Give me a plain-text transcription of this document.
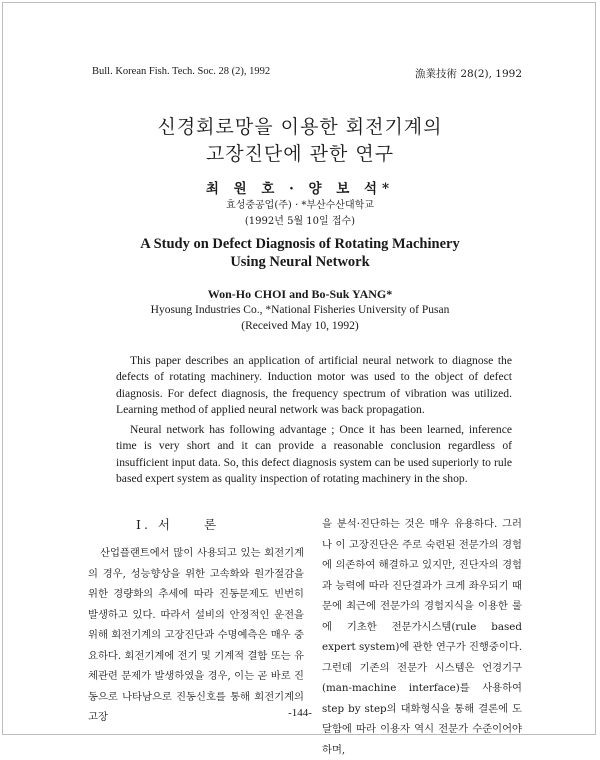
Bull. Korean Fish. Tech. Soc. 28 (2), 1992	漁業技術 28(2), 1992
신경회로망을 이용한 회전기계의
고장진단에 관한 연구
최 원 호 · 양 보 석*
효성중공업(주) · *부산수산대학교
(1992년 5월 10일 접수)
A Study on Defect Diagnosis of Rotating Machinery
Using Neural Network
Won-Ho CHOI and Bo-Suk YANG*
Hyosung Industries Co., *National Fisheries University of Pusan
(Received May 10, 1992)

This paper describes an application of artificial neural network to diagnose the defects of rotating machinery. Induction motor was used to the object of defect diagnosis. For defect diagnosis, the frequency spectrum of vibration was utilized. Learning method of applied neural network was back propagation.

Neural network has following advantage ; Once it has been learned, inference time is very short and it can provide a reasonable conclusion regardless of insufficient input data. So, this defect diagnosis system can be used superiorly to rule based expert system as quality inspection of rotating machinery in the shop.

I. 서　　론

산업플랜트에서 많이 사용되고 있는 회전기계의 경우, 성능향상을 위한 고속화와 원가절감을 위한 경량화의 추세에 따라 진동문제도 빈번히 발생하고 있다. 따라서 설비의 안정적인 운전을 위해 회전기계의 고장진단과 수명예측은 매우 중요하다. 회전기계에 전기 및 기계적 결함 또는 유체관련 문제가 발생하였을 경우, 이는 곧 바로 진동으로 나타남으로 진동신호를 통해 회전기계의 고장

을 분석·진단하는 것은 매우 유용하다. 그러나 이 고장진단은 주로 숙련된 전문가의 경험에 의존하여 해결하고 있지만, 진단자의 경험과 능력에 따라 진단결과가 크게 좌우되기 때문에 최근에 전문가의 경험지식을 이용한 룰에 기초한 전문가시스템(rule based expert system)에 관한 연구가 진행중이다. 그런데 기존의 전문가 시스템은 언경기구(man-machine interface)를 사용하여 step by step의 대화형식을 통해 결론에 도달함에 따라 이용자 역시 전문가 수준이어야 하며,

-144-
